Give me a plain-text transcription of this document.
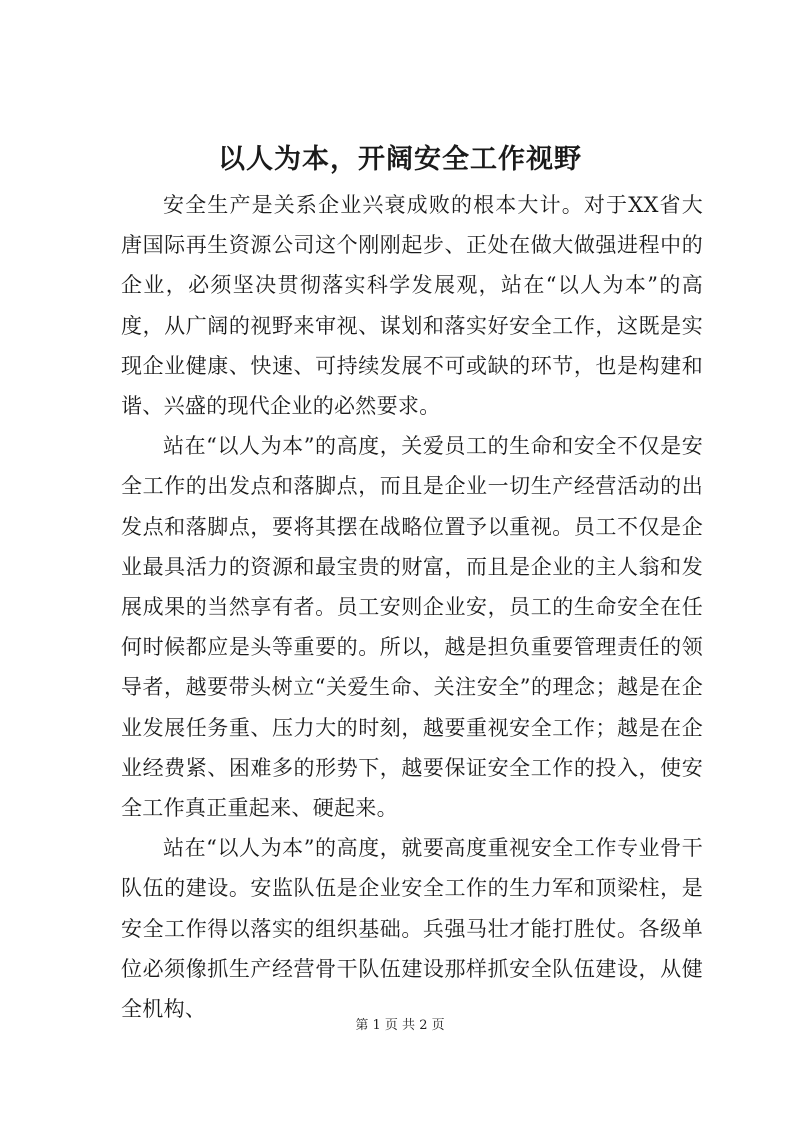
以人为本，开阔安全工作视野

安全生产是关系企业兴衰成败的根本大计。对于XX省大唐国际再生资源公司这个刚刚起步、正处在做大做强进程中的企业，必须坚决贯彻落实科学发展观，站在“以人为本”的高度，从广阔的视野来审视、谋划和落实好安全工作，这既是实现企业健康、快速、可持续发展不可或缺的环节，也是构建和谐、兴盛的现代企业的必然要求。

站在“以人为本”的高度，关爱员工的生命和安全不仅是安全工作的出发点和落脚点，而且是企业一切生产经营活动的出发点和落脚点，要将其摆在战略位置予以重视。员工不仅是企业最具活力的资源和最宝贵的财富，而且是企业的主人翁和发展成果的当然享有者。员工安则企业安，员工的生命安全在任何时候都应是头等重要的。所以，越是担负重要管理责任的领导者，越要带头树立“关爱生命、关注安全”的理念；越是在企业发展任务重、压力大的时刻，越要重视安全工作；越是在企业经费紧、困难多的形势下，越要保证安全工作的投入，使安全工作真正重起来、硬起来。

站在“以人为本”的高度，就要高度重视安全工作专业骨干队伍的建设。安监队伍是企业安全工作的生力军和顶梁柱，是安全工作得以落实的组织基础。兵强马壮才能打胜仗。各级单位必须像抓生产经营骨干队伍建设那样抓安全队伍建设，从健全机构、

第 1 页 共 2 页
